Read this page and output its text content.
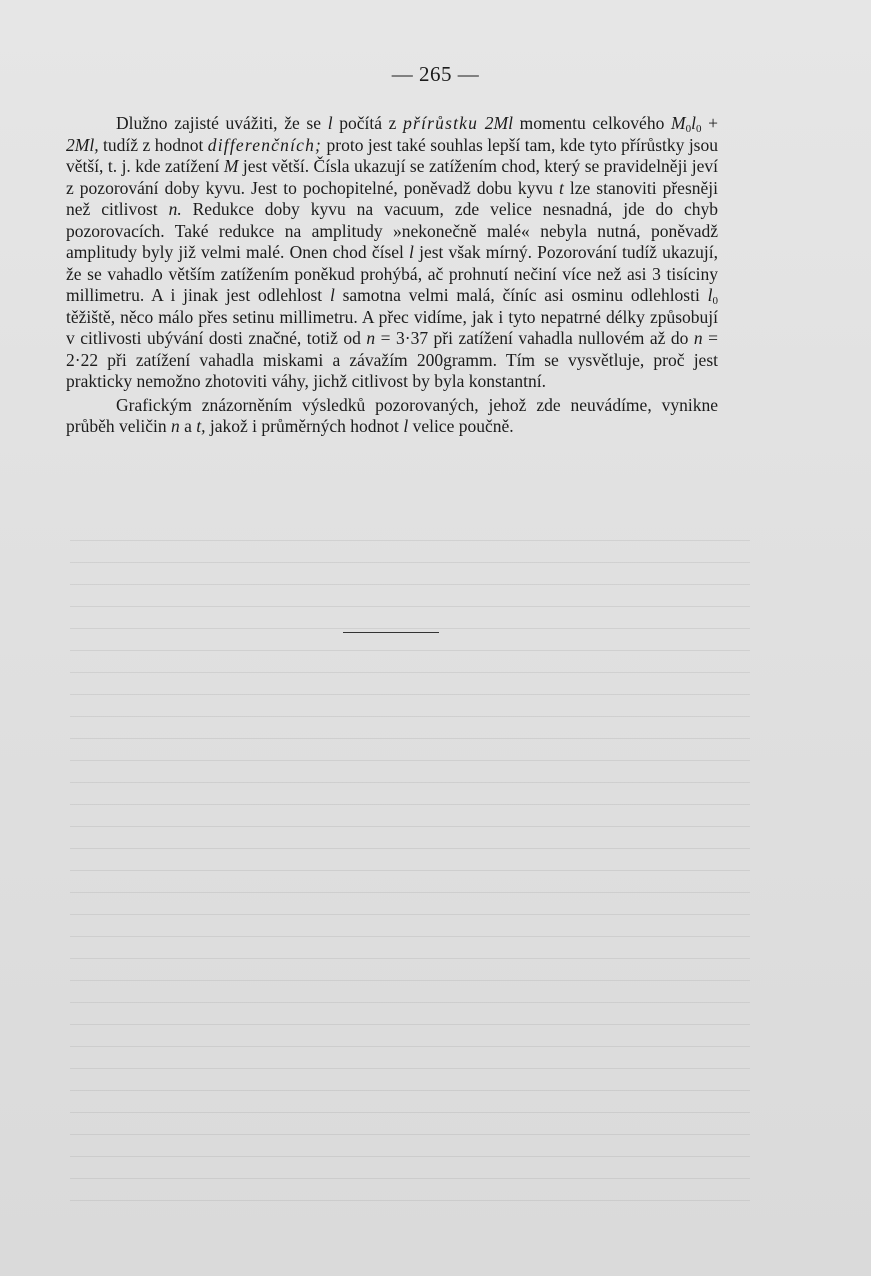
— 265 —

Dlužno zajisté uvážiti, že se l počítá z přírůstku 2Ml momentu celkového $M_0l_0 + 2Ml$, tudíž z hodnot differenčních; proto jest také souhlas lepší tam, kde tyto přírůstky jsou větší, t. j. kde zatížení M jest větší. Čísla ukazují se zatížením chod, který se pravidelněji jeví z pozorování doby kyvu. Jest to pochopitelné, poněvadž dobu kyvu t lze stanoviti přesněji než citlivost n. Redukce doby kyvu na vacuum, zde velice nesnadná, jde do chyb pozorovacích. Také redukce na amplitudy »nekonečně malé« nebyla nutná, poněvadž amplitudy byly již velmi malé. Onen chod čísel l jest však mírný. Pozorování tudíž ukazují, že se vahadlo větším zatížením poněkud prohýbá, ač prohnutí nečiní více než asi 3 tisíciny millimetru. A i jinak jest odlehlost l samotna velmi malá, číníc asi osminu odlehlosti $l_0$ těžiště, něco málo přes setinu millimetru. A přec vidíme, jak i tyto nepatrné délky způsobují v citlivosti ubývání dosti značné, totiž od n = 3·37 při zatížení vahadla nullovém až do n = 2·22 při zatížení vahadla miskami a závažím 200gramm. Tím se vysvětluje, proč jest prakticky nemožno zhotoviti váhy, jichž citlivost by byla konstantní.

Grafickým znázorněním výsledků pozorovaných, jehož zde neuvádíme, vynikne průběh veličin n a t, jakož i průměrných hodnot l velice poučně.
